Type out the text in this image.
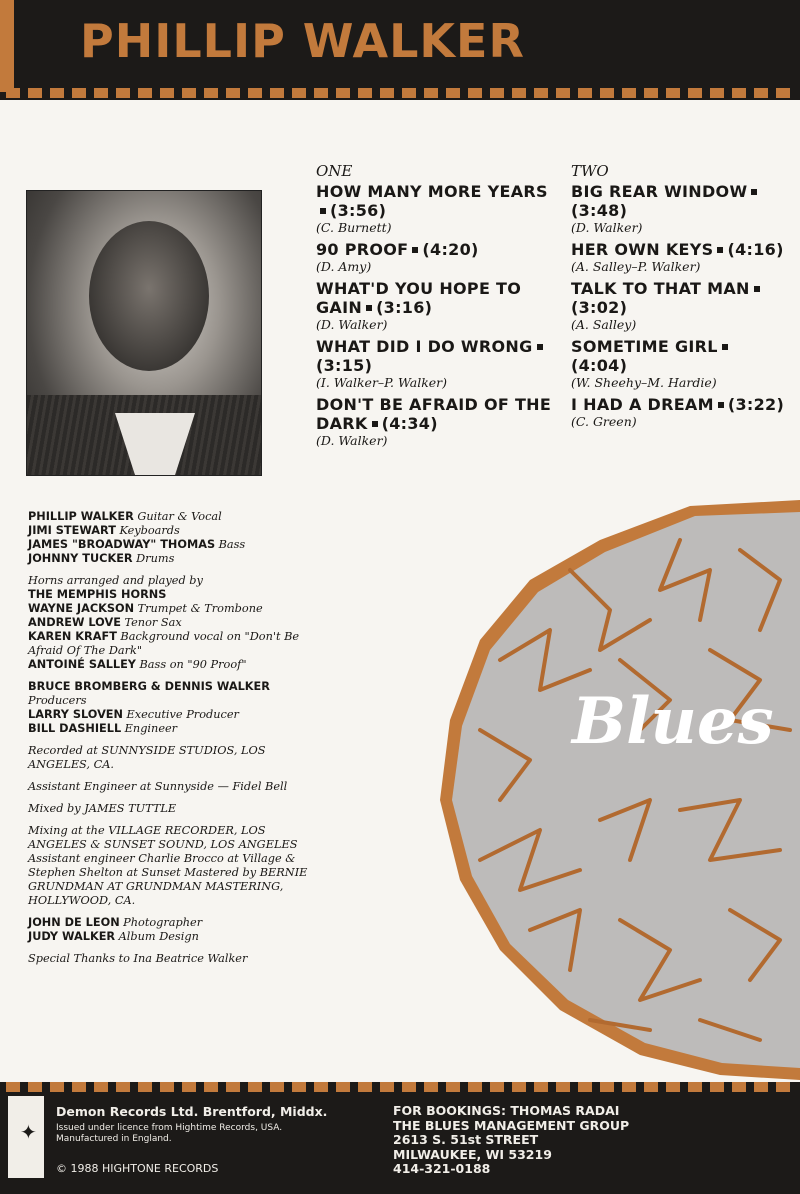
PHILLIP WALKER
ONE
HOW MANY MORE YEARS(3:56)
(C. Burnett)
90 PROOF (4:20)
(D. Amy)
WHAT'D YOU HOPE TO GAIN (3:16)
(D. Walker)
WHAT DID I DO WRONG(3:15)
(I. Walker–P. Walker)
DON'T BE AFRAID OF THE DARK (4:34)
(D. Walker)
TWO
BIG REAR WINDOW(3:48)
(D. Walker)
HER OWN KEYS (4:16)
(A. Salley–P. Walker)
TALK TO THAT MAN(3:02)
(A. Salley)
SOMETIME GIRL(4:04)
(W. Sheehy–M. Hardie)
I HAD A DREAM (3:22)
(C. Green)
PHILLIP WALKER Guitar & Vocal
JIMI STEWART Keyboards
JAMES "BROADWAY" THOMAS Bass
JOHNNY TUCKER Drums
Horns arranged and played by
THE MEMPHIS HORNS
WAYNE JACKSON Trumpet & Trombone
ANDREW LOVE Tenor Sax
KAREN KRAFT Background vocal on "Don't Be Afraid Of The Dark"
ANTOINÉ SALLEY Bass on "90 Proof"
BRUCE BROMBERG & DENNIS WALKER
Producers
LARRY SLOVEN Executive Producer
BILL DASHIELL Engineer
Recorded at SUNNYSIDE STUDIOS, LOS ANGELES, CA.
Assistant Engineer at Sunnyside — Fidel Bell
Mixed by JAMES TUTTLE
Mixing at the VILLAGE RECORDER, LOS ANGELES & SUNSET SOUND, LOS ANGELES Assistant engineer Charlie Brocco at Village & Stephen Shelton at Sunset Mastered by BERNIE GRUNDMAN AT GRUNDMAN MASTERING, HOLLYWOOD, CA.
JOHN DE LEON Photographer
JUDY WALKER Album Design
Special Thanks to Ina Beatrice Walker
Blues
✦
Demon Records Ltd. Brentford, Middx.
Issued under licence from Hightime Records, USA. Manufactured in England.
© 1988 HIGHTONE RECORDS
FOR BOOKINGS: THOMAS RADAI
THE BLUES MANAGEMENT GROUP
2613 S. 51st STREET
MILWAUKEE, WI 53219
414-321-0188
